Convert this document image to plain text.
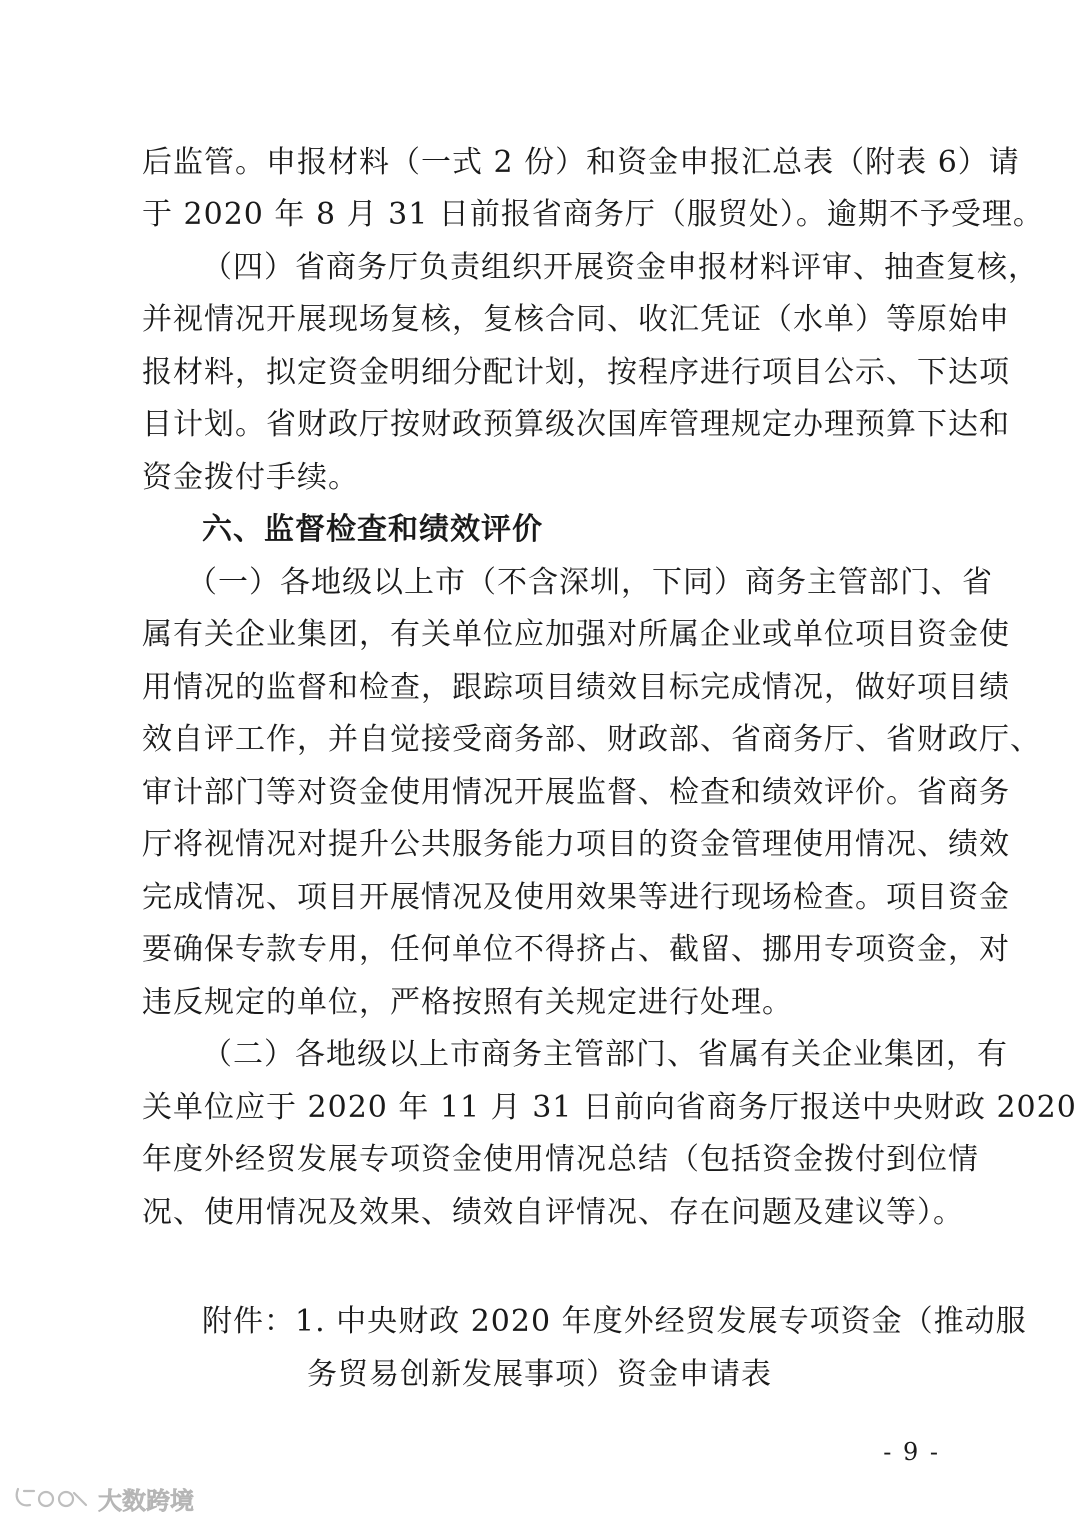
后监管。申报材料（一式 2 份）和资金申报汇总表（附表 6）请
于 2020 年 8 月 31 日前报省商务厅（服贸处）。逾期不予受理。
（四）省商务厅负责组织开展资金申报材料评审、抽查复核，
并视情况开展现场复核，复核合同、收汇凭证（水单）等原始申
报材料，拟定资金明细分配计划，按程序进行项目公示、下达项
目计划。省财政厅按财政预算级次国库管理规定办理预算下达和
资金拨付手续。
六、监督检查和绩效评价
（一）各地级以上市（不含深圳，下同）商务主管部门、省
属有关企业集团，有关单位应加强对所属企业或单位项目资金使
用情况的监督和检查，跟踪项目绩效目标完成情况，做好项目绩
效自评工作，并自觉接受商务部、财政部、省商务厅、省财政厅、
审计部门等对资金使用情况开展监督、检查和绩效评价。省商务
厅将视情况对提升公共服务能力项目的资金管理使用情况、绩效
完成情况、项目开展情况及使用效果等进行现场检查。项目资金
要确保专款专用，任何单位不得挤占、截留、挪用专项资金，对
违反规定的单位，严格按照有关规定进行处理。
（二）各地级以上市商务主管部门、省属有关企业集团，有
关单位应于 2020 年 11 月 31 日前向省商务厅报送中央财政 2020
年度外经贸发展专项资金使用情况总结（包括资金拨付到位情
况、使用情况及效果、绩效自评情况、存在问题及建议等）。
附件：1. 中央财政 2020 年度外经贸发展专项资金（推动服
务贸易创新发展事项）资金申请表
- 9 -
大数跨境
